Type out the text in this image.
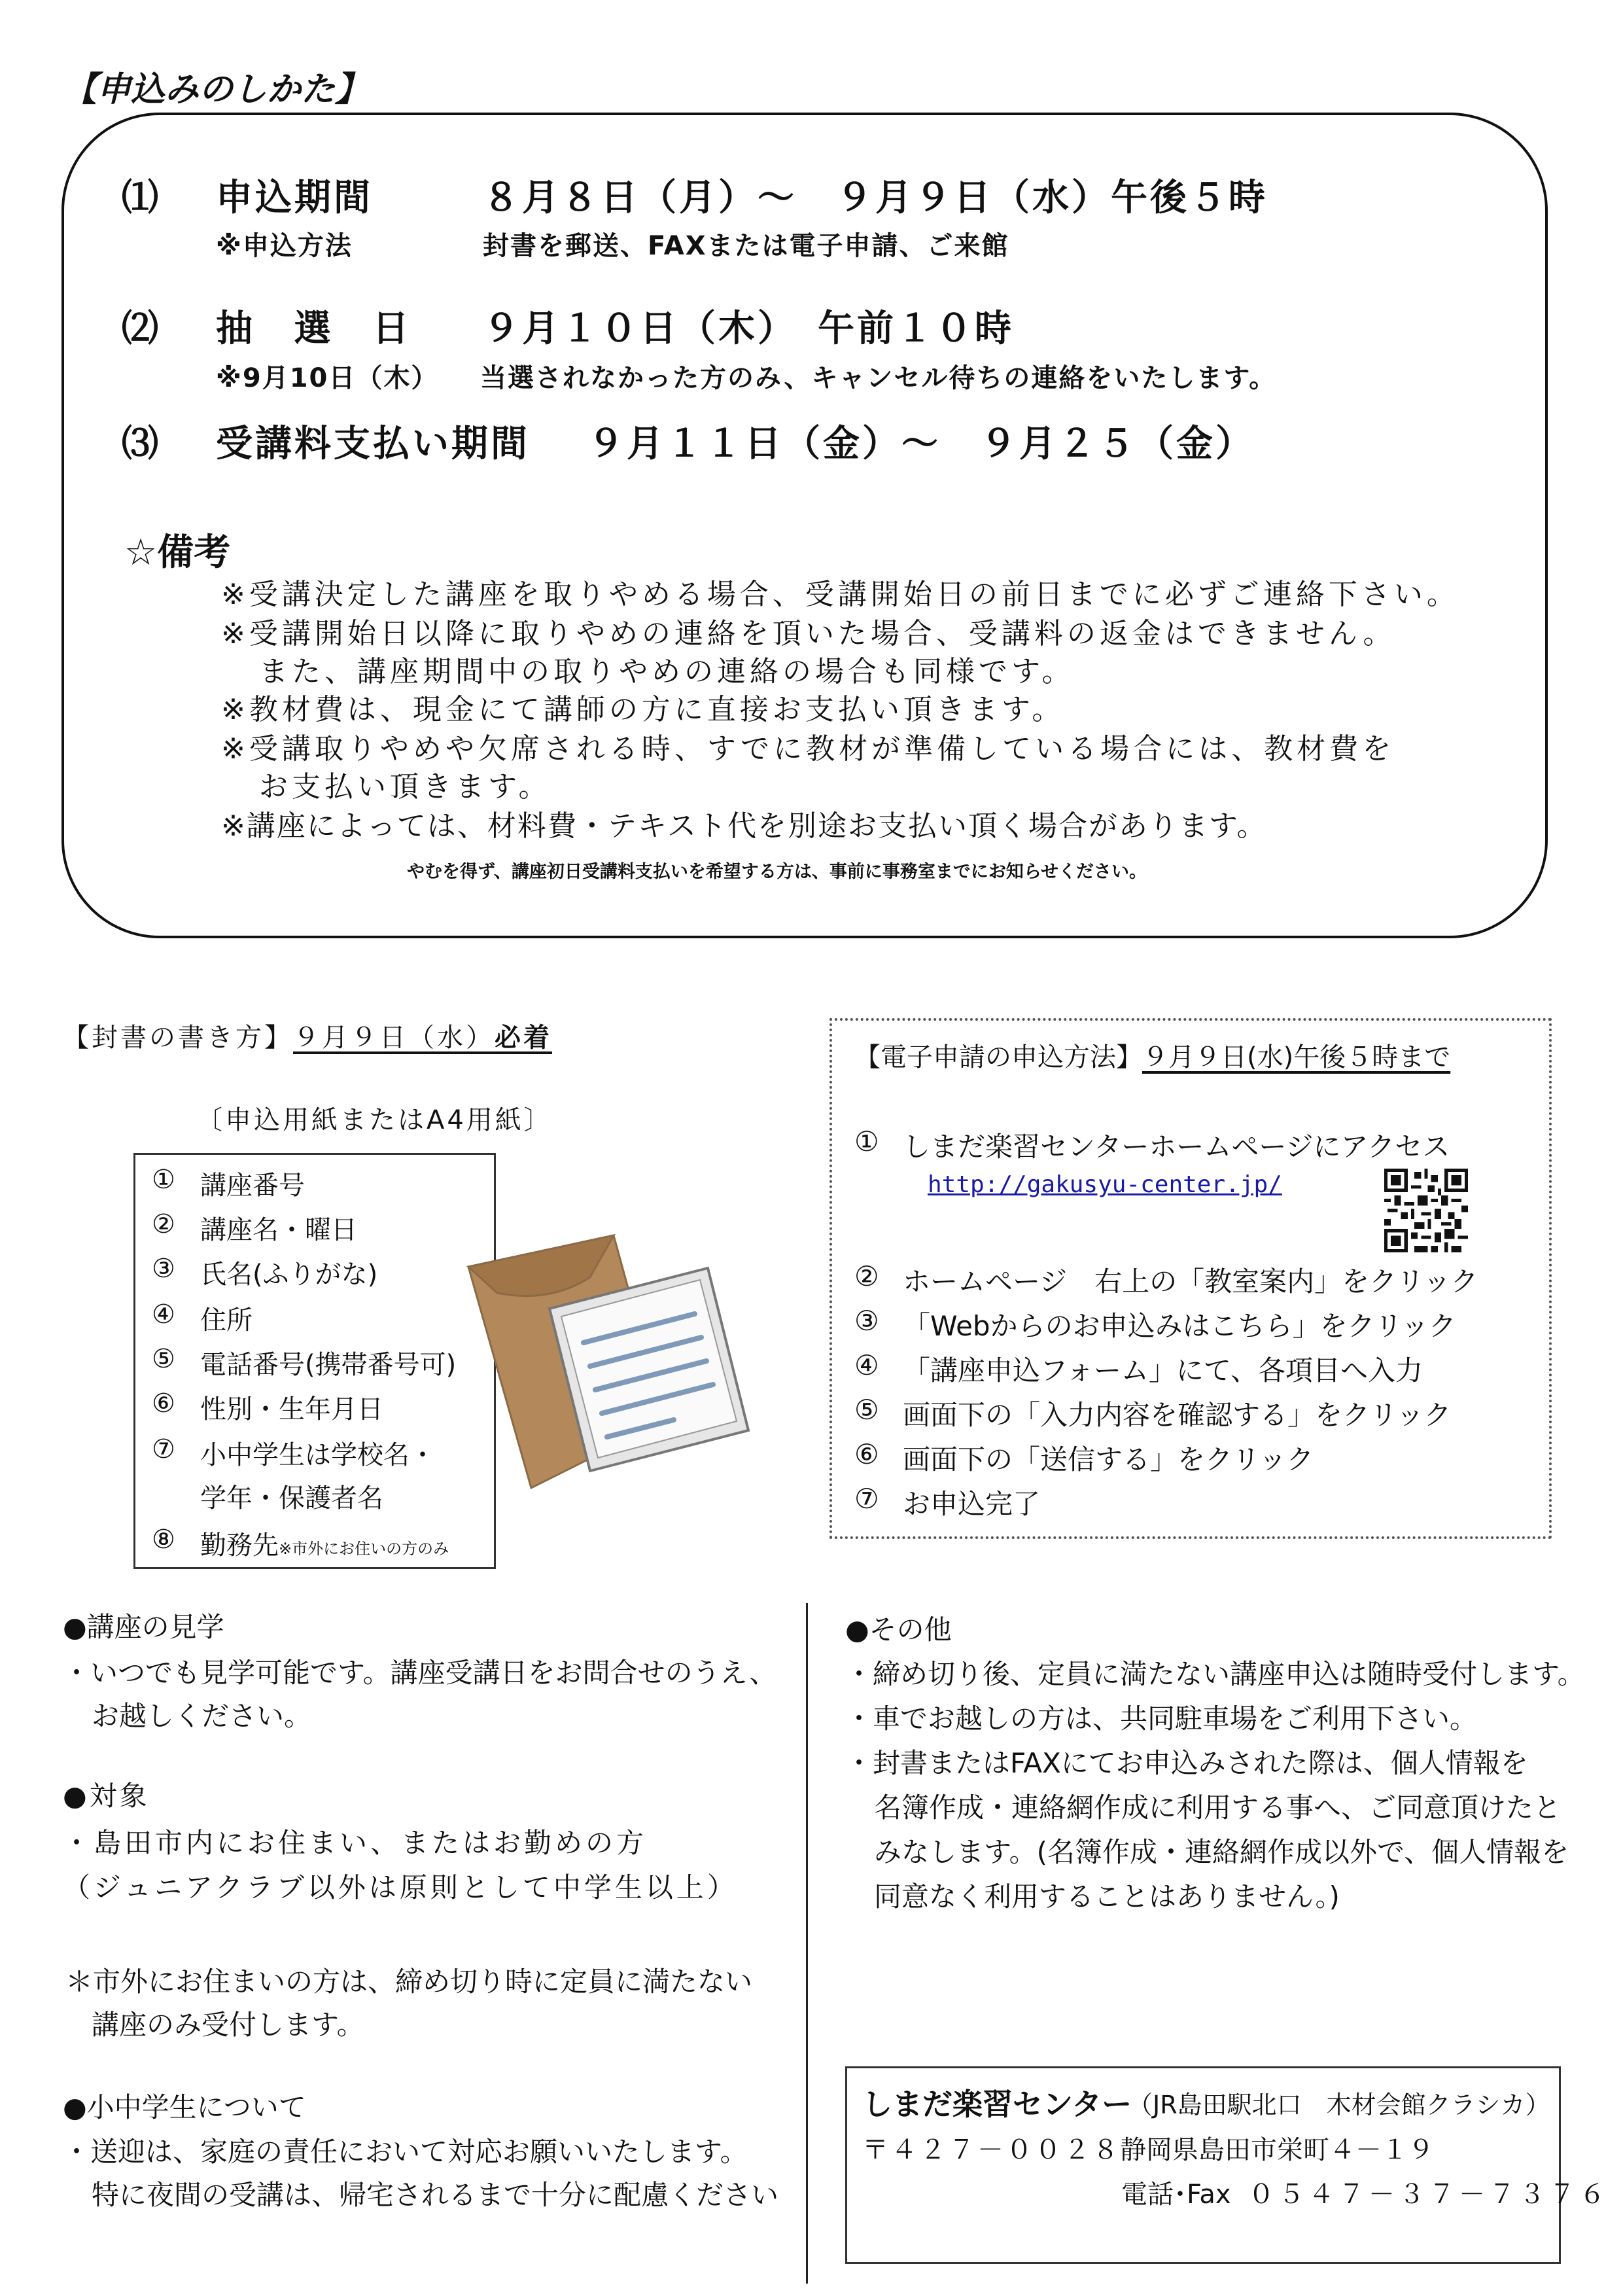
【申込みのしかた】
⑴ 申込期間	８月８日（月）～　９月９日（水）午後５時
※申込方法	封書を郵送、FAXまたは電子申請、ご来館
⑵ 抽 選 日 ９月１０日（木）　午前１０時
※9月10日（木） 当選されなかった方のみ、キャンセル待ちの連絡をいたします。
⑶ 受講料支払い期間 ９月１１日（金）～　９月２５（金）
☆備考
※受講決定した講座を取りやめる場合、受講開始日の前日までに必ずご連絡下さい。
※受講開始日以降に取りやめの連絡を頂いた場合、受講料の返金はできません。
また、講座期間中の取りやめの連絡の場合も同様です。
※教材費は、現金にて講師の方に直接お支払い頂きます。
※受講取りやめや欠席される時、すでに教材が準備している場合には、教材費を
お支払い頂きます。
※講座によっては、材料費・テキスト代を別途お支払い頂く場合があります。
やむを得ず、講座初日受講料支払いを希望する方は、事前に事務室までにお知らせください。
【封書の書き方】９月９日（水）必着
〔申込用紙またはA4用紙〕
① 講座番号
② 講座名・曜日
③ 氏名(ふりがな)
④ 住所
⑤ 電話番号(携帯番号可)
⑥ 性別・生年月日
⑦ 小中学生は学校名・
学年・保護者名
⑧ 勤務先※市外にお住いの方のみ
【電子申請の申込方法】９月９日(水)午後５時まで
① しまだ楽習センターホームページにアクセス
http://gakusyu-center.jp/
② ホームページ　右上の「教室案内」をクリック
③ 「Webからのお申込みはこちら」をクリック
④ 「講座申込フォーム」にて、各項目へ入力
⑤ 画面下の「入力内容を確認する」をクリック
⑥ 画面下の「送信する」をクリック
⑦ お申込完了
●講座の見学
・いつでも見学可能です。講座受講日をお問合せのうえ、
お越しください。
●対象
・島田市内にお住まい、またはお勤めの方
（ジュニアクラブ以外は原則として中学生以上）
＊市外にお住まいの方は、締め切り時に定員に満たない
講座のみ受付します。
●小中学生について
・送迎は、家庭の責任において対応お願いいたします。
特に夜間の受講は、帰宅されるまで十分に配慮ください
●その他
・締め切り後、定員に満たない講座申込は随時受付します。
・車でお越しの方は、共同駐車場をご利用下さい。
・封書またはFAXにてお申込みされた際は、個人情報を
名簿作成・連絡網作成に利用する事へ、ご同意頂けたと
みなします。(名簿作成・連絡網作成以外で、個人情報を
同意なく利用することはありません。)
しまだ楽習センター
（JR島田駅北口　木材会館クラシカ）
〒４２７－００２８
静岡県島田市栄町４－１９
電話･Fax ０５４７－３７－７３７６
